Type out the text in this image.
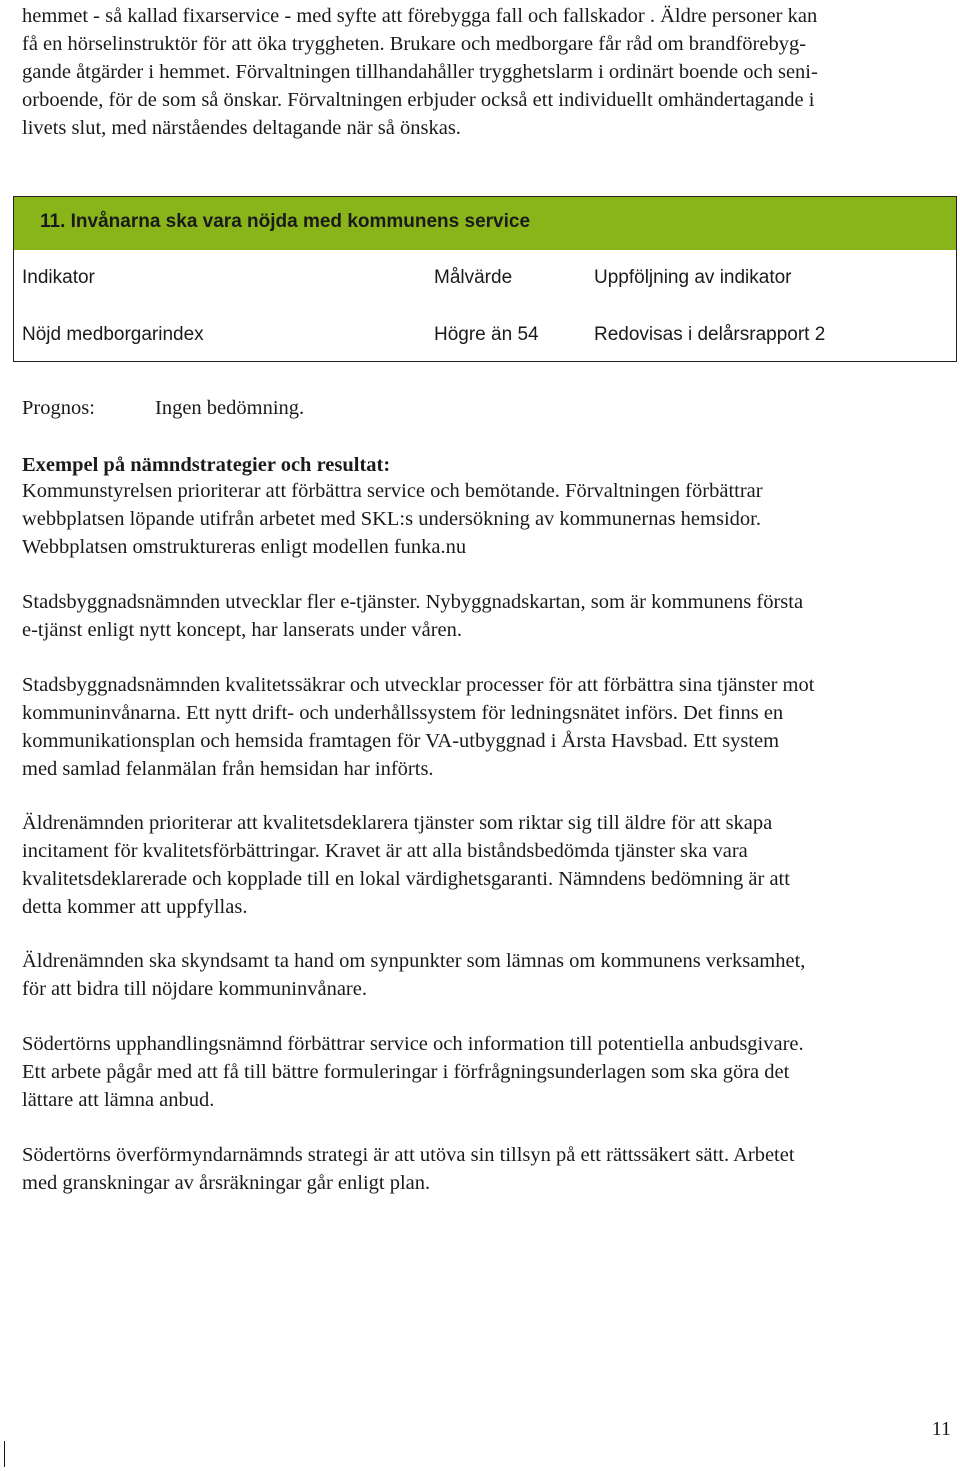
hemmet - så kallad fixarservice - med syfte att förebygga fall och fallskador . Äldre personer kan
få en hörselinstruktör för att öka tryggheten. Brukare och medborgare får råd om brandförebyg-
gande åtgärder i hemmet. Förvaltningen tillhandahåller trygghetslarm i ordinärt boende och seni-
orboende, för de som så önskar. Förvaltningen erbjuder också ett individuellt omhändertagande i
livets slut, med närståendes deltagande när så önskas.

11. Invånarna ska vara nöjda med kommunens service
Indikator	Målvärde	Uppföljning av indikator
Nöjd medborgarindex	Högre än 54	Redovisas i delårsrapport 2
Prognos:	Ingen bedömning.
Exempel på nämndstrategier och resultat:

Kommunstyrelsen prioriterar att förbättra service och bemötande. Förvaltningen förbättrar
webbplatsen löpande utifrån arbetet med SKL:s undersökning av kommunernas hemsidor.
Webbplatsen omstruktureras enligt modellen funka.nu

Stadsbyggnadsnämnden utvecklar fler e-tjänster. Nybyggnadskartan, som är kommunens första
e-tjänst enligt nytt koncept, har lanserats under våren.

Stadsbyggnadsnämnden kvalitetssäkrar och utvecklar processer för att förbättra sina tjänster mot
kommuninvånarna. Ett nytt drift- och underhållssystem för ledningsnätet införs. Det finns en
kommunikationsplan och hemsida framtagen för VA-utbyggnad i Årsta Havsbad. Ett system
med samlad felanmälan från hemsidan har införts.

Äldrenämnden prioriterar att kvalitetsdeklarera tjänster som riktar sig till äldre för att skapa
incitament för kvalitetsförbättringar. Kravet är att alla biståndsbedömda tjänster ska vara
kvalitetsdeklarerade och kopplade till en lokal värdighetsgaranti. Nämndens bedömning är att
detta kommer att uppfyllas.

Äldrenämnden ska skyndsamt ta hand om synpunkter som lämnas om kommunens verksamhet,
för att bidra till nöjdare kommuninvånare.

Södertörns upphandlingsnämnd förbättrar service och information till potentiella anbudsgivare.
Ett arbete pågår med att få till bättre formuleringar i förfrågningsunderlagen som ska göra det
lättare att lämna anbud.

Södertörns överförmyndarnämnds strategi är att utöva sin tillsyn på ett rättssäkert sätt. Arbetet
med granskningar av årsräkningar går enligt plan.

11
